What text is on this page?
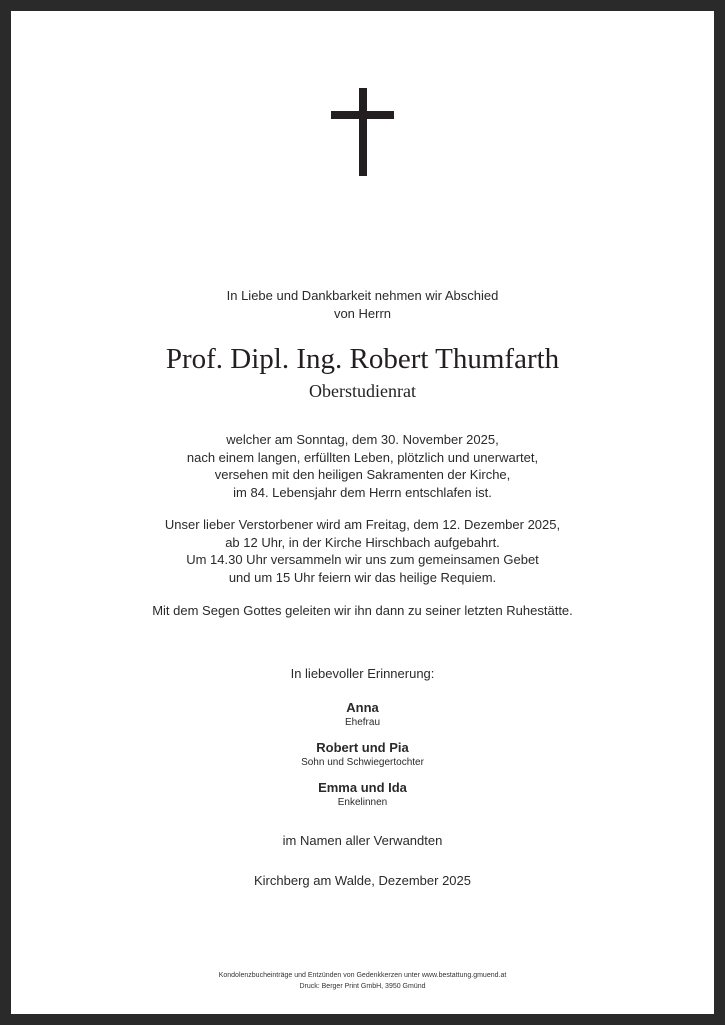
In Liebe und Dankbarkeit nehmen wir Abschied
von Herrn
Prof. Dipl. Ing. Robert Thumfarth
Oberstudienrat
welcher am Sonntag, dem 30. November 2025,
nach einem langen, erfüllten Leben, plötzlich und unerwartet,
versehen mit den heiligen Sakramenten der Kirche,
im 84. Lebensjahr dem Herrn entschlafen ist.
Unser lieber Verstorbener wird am Freitag, dem 12. Dezember 2025,
ab 12 Uhr, in der Kirche Hirschbach aufgebahrt.
Um 14.30 Uhr versammeln wir uns zum gemeinsamen Gebet
und um 15 Uhr feiern wir das heilige Requiem.
Mit dem Segen Gottes geleiten wir ihn dann zu seiner letzten Ruhestätte.
In liebevoller Erinnerung:
Anna
Ehefrau
Robert und Pia
Sohn und Schwiegertochter
Emma und Ida
Enkelinnen
im Namen aller Verwandten
Kirchberg am Walde, Dezember 2025
Kondolenzbucheinträge und Entzünden von Gedenkkerzen unter www.bestattung.gmuend.at
Druck: Berger Print GmbH, 3950 Gmünd
